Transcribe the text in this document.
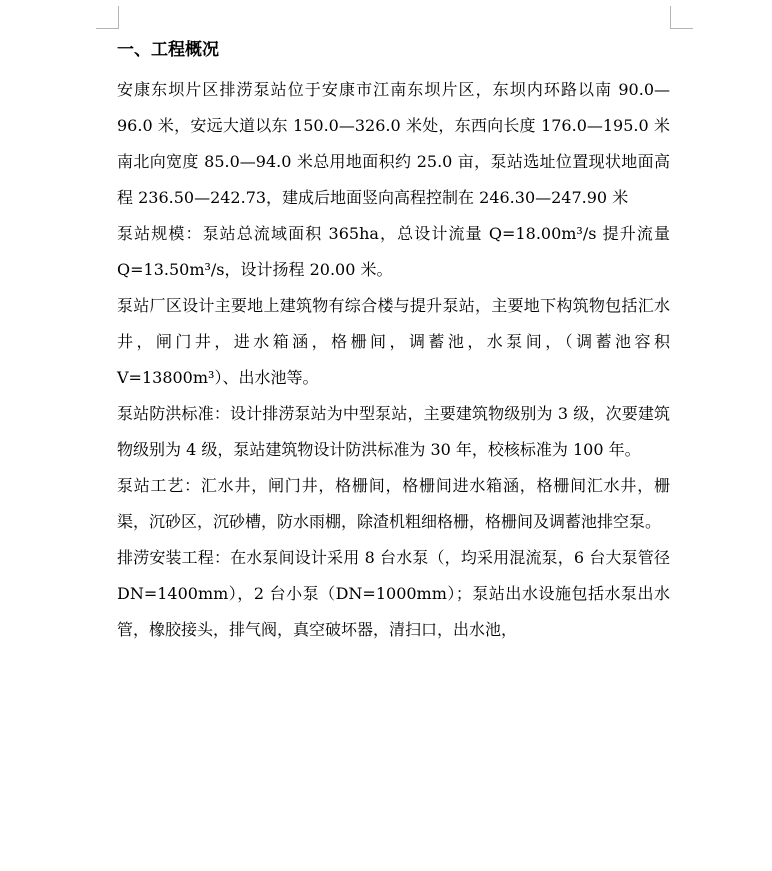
一、工程概况

安康东坝片区排涝泵站位于安康市江南东坝片区，东坝内环路以南 90.0—96.0 米，安远大道以东 150.0—326.0 米处，东西向长度 176.0—195.0 米南北向宽度 85.0—94.0 米总用地面积约 25.0 亩，泵站选址位置现状地面高程 236.50—242.73，建成后地面竖向高程控制在 246.30—247.90 米

泵站规模：泵站总流域面积 365ha，总设计流量 Q=18.00m³/s 提升流量 Q=13.50m³/s，设计扬程 20.00 米。

泵站厂区设计主要地上建筑物有综合楼与提升泵站，主要地下构筑物包括汇水井，闸门井，进水箱涵，格栅间，调蓄池，水泵间，（调蓄池容积 V=13800m³）、出水池等。

泵站防洪标准：设计排涝泵站为中型泵站，主要建筑物级别为 3 级，次要建筑物级别为 4 级，泵站建筑物设计防洪标准为 30 年，校核标准为 100 年。

泵站工艺：汇水井，闸门井，格栅间，格栅间进水箱涵，格栅间汇水井，栅渠，沉砂区，沉砂槽，防水雨棚，除渣机粗细格栅，格栅间及调蓄池排空泵。

排涝安装工程：在水泵间设计采用 8 台水泵（，均采用混流泵，6 台大泵管径 DN=1400mm），2 台小泵（DN=1000mm）；泵站出水设施包括水泵出水管，橡胶接头，排气阀，真空破坏器，清扫口，出水池，
